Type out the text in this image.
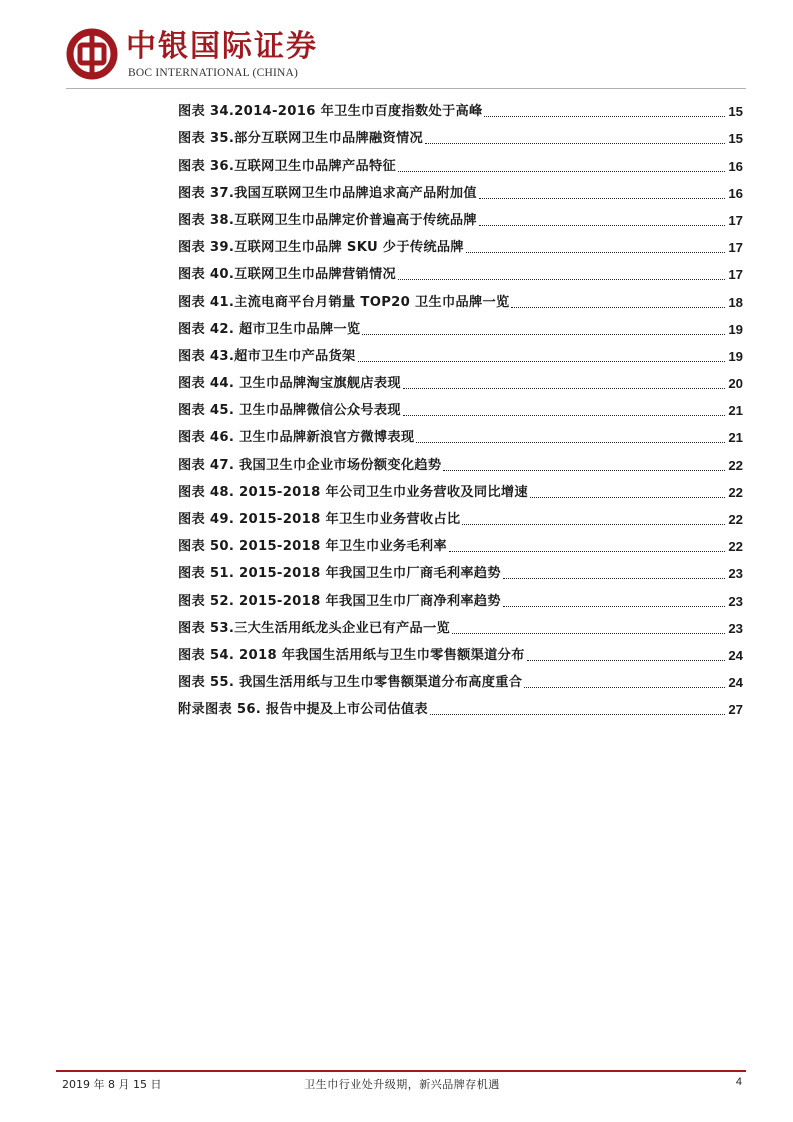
中银国际证券
BOC INTERNATIONAL (CHINA)
图表 34.2014-2016 年卫生巾百度指数处于高峰	15
图表 35.部分互联网卫生巾品牌融资情况	15
图表 36.互联网卫生巾品牌产品特征	16
图表 37.我国互联网卫生巾品牌追求高产品附加值	16
图表 38.互联网卫生巾品牌定价普遍高于传统品牌	17
图表 39.互联网卫生巾品牌 SKU 少于传统品牌	17
图表 40.互联网卫生巾品牌营销情况	17
图表 41.主流电商平台月销量 TOP20 卫生巾品牌一览	18
图表 42. 超市卫生巾品牌一览	19
图表 43.超市卫生巾产品货架	19
图表 44. 卫生巾品牌淘宝旗舰店表现	20
图表 45. 卫生巾品牌微信公众号表现	21
图表 46. 卫生巾品牌新浪官方微博表现	21
图表 47. 我国卫生巾企业市场份额变化趋势	22
图表 48. 2015-2018 年公司卫生巾业务营收及同比增速	22
图表 49. 2015-2018 年卫生巾业务营收占比	22
图表 50. 2015-2018 年卫生巾业务毛利率	22
图表 51. 2015-2018 年我国卫生巾厂商毛利率趋势	23
图表 52. 2015-2018 年我国卫生巾厂商净利率趋势	23
图表 53.三大生活用纸龙头企业已有产品一览	23
图表 54. 2018 年我国生活用纸与卫生巾零售额渠道分布	24
图表 55. 我国生活用纸与卫生巾零售额渠道分布高度重合	24
附录图表 56. 报告中提及上市公司估值表	27
2019 年 8 月 15 日	卫生巾行业处升级期，新兴品牌存机遇	4
